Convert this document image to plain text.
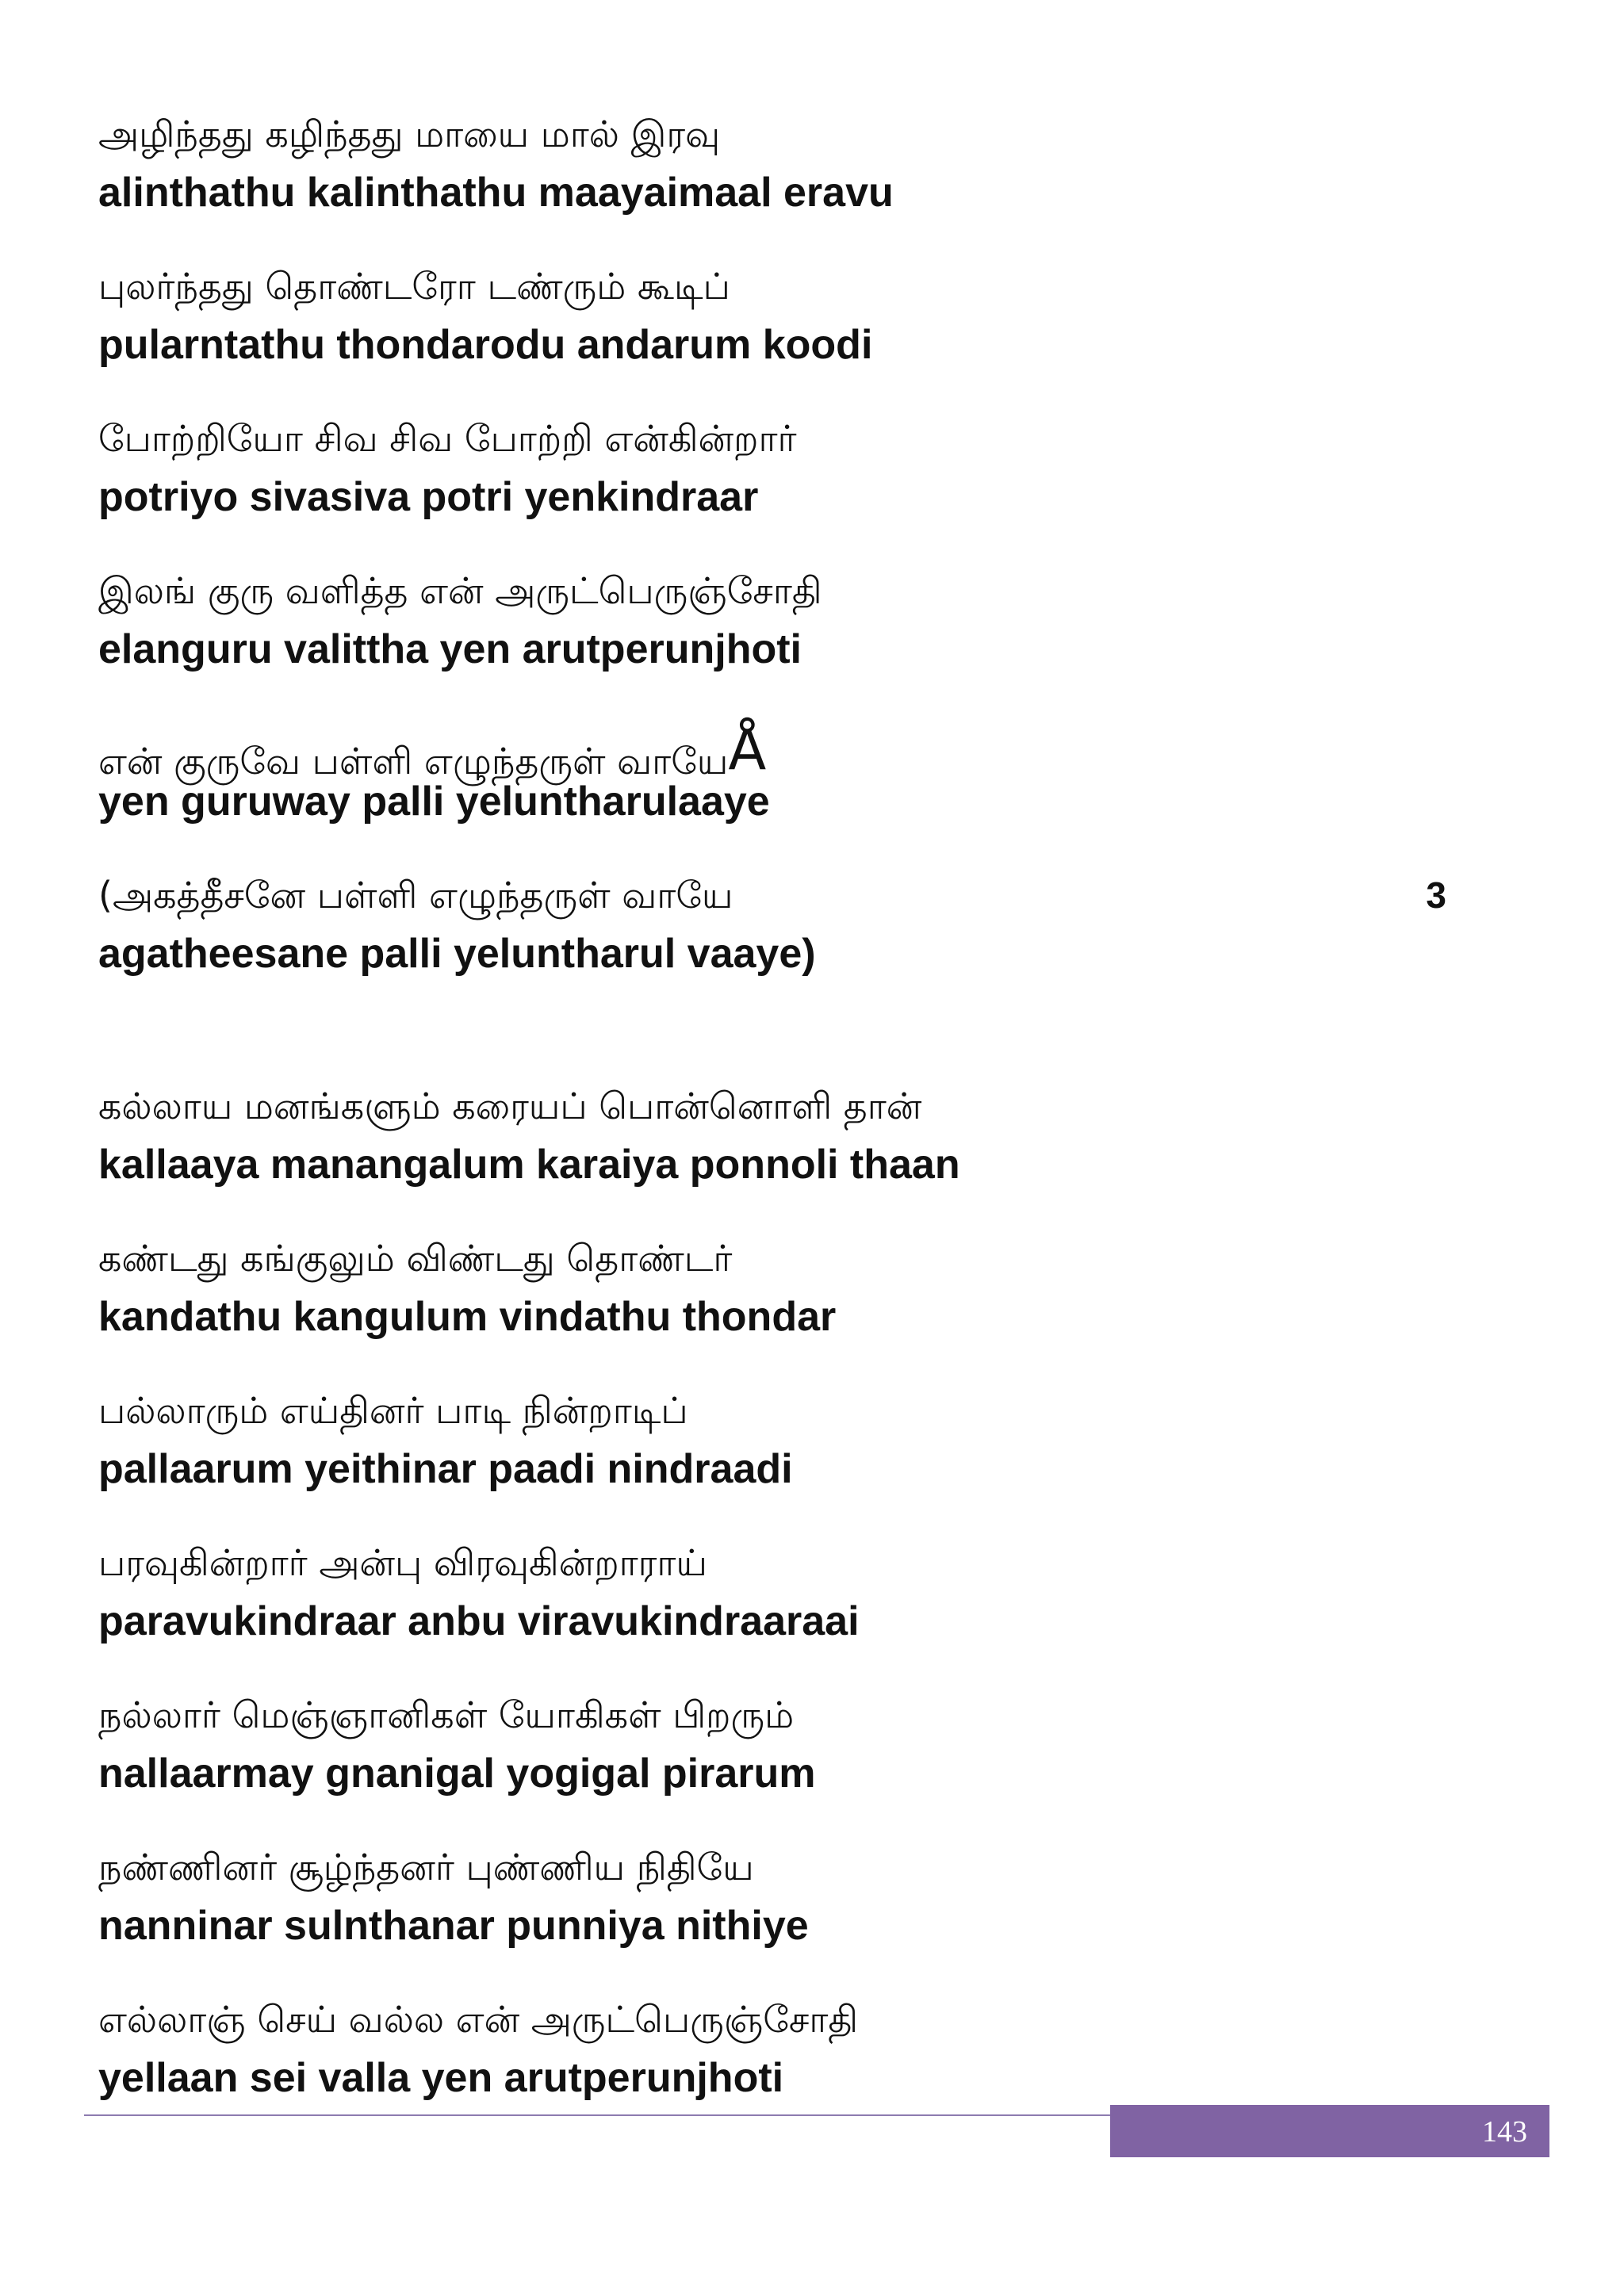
அழிந்தது கழிந்தது மாயை மால் இரவு
alinthathu kalinthathu maayaimaal eravu
புலர்ந்தது தொண்டரோ டண்ரும் கூடிப்
pularntathu thondarodu andarum koodi
போற்றியோ சிவ சிவ போற்றி என்கின்றார்
potriyo sivasiva potri yenkindraar
இலங் குரு வளித்த என் அருட்பெருஞ்சோதி
elanguru valittha yen arutperunjhoti
என் குருவே பள்ளி எழுந்தருள் வாயேÅ
yen guruway palli yeluntharulaaye
(அகத்தீசனே பள்ளி எழுந்தருள் வாயே	3
agatheesane palli yeluntharul vaaye)
கல்லாய மனங்களும் கரையப் பொன்னொளி தான்
kallaaya manangalum karaiya ponnoli thaan
கண்டது கங்குலும் விண்டது தொண்டர்
kandathu kangulum vindathu thondar
பல்லாரும் எய்தினர் பாடி நின்றாடிப்
pallaarum yeithinar paadi nindraadi
பரவுகின்றார் அன்பு விரவுகின்றாராய்
paravukindraar anbu viravukindraaraai
நல்லார் மெஞ்ஞானிகள் யோகிகள் பிறரும்
nallaarmay gnanigal yogigal pirarum
நண்ணினர் சூழ்ந்தனர் புண்ணிய நிதியே
nanninar sulnthanar punniya nithiye
எல்லாஞ் செய் வல்ல என் அருட்பெருஞ்சோதி
yellaan sei valla yen arutperunjhoti
143
